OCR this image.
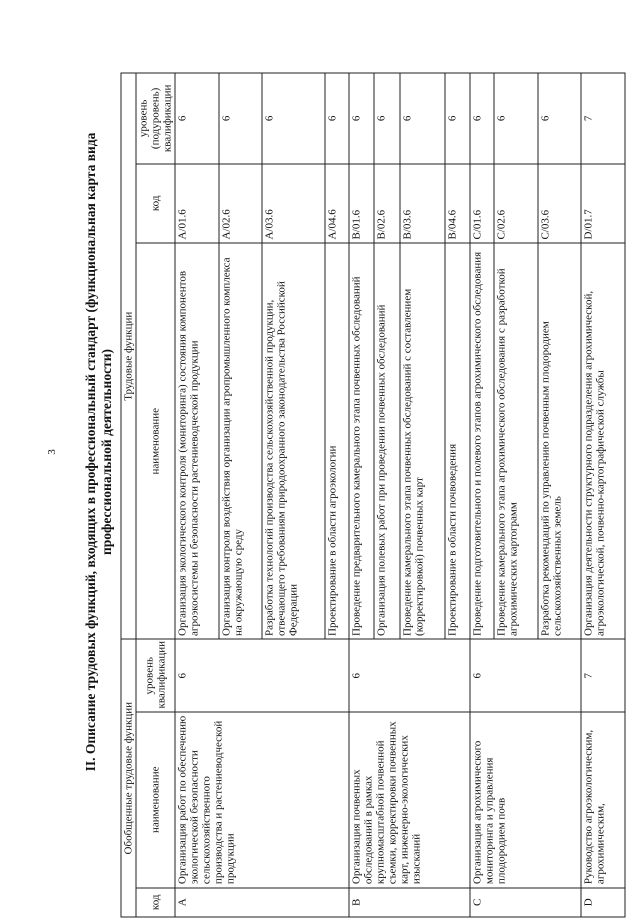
3 II. Описание трудовых функций, входящих в профессиональный стандарт (функциональная карта вида профессиональной деятельности)
Обобщенные трудовые функции			Трудовые функции		
код	наименование	уровень квалификации	наименование	код	уровень (подуровень) квалификации
A	Организация работ по обеспечению экологической безопасности сельскохозяйственного производства и растениеводческой продукции	6	Организация экологического контроля (мониторинга) состояния компонентов агроэкосистемы и безопасности растениеводческой продукции	A/01.6	6
			Организация контроля воздействия организации агропромышленного комплекса на окружающую среду	A/02.6	6
			Разработка технологий производства сельскохозяйственной продукции, отвечающего требованиям природоохранного законодательства Российской Федерации	A/03.6	6
			Проектирование в области агроэкологии	A/04.6	6
B	Организация почвенных обследований в рамках крупномасштабной почвенной съемки, корректировки почвенных карт, инженерно-экологических изысканий	6	Проведение предварительного камерального этапа почвенных обследований	B/01.6	6
			Организация полевых работ при проведении почвенных обследований	B/02.6	6
			Проведение камерального этапа почвенных обследований с составлением (корректировкой) почвенных карт	B/03.6	6
			Проектирование в области почвоведения	B/04.6	6
C	Организация агрохимического мониторинга и управления плодородием почв	6	Проведение подготовительного и полевого этапов агрохимического обследования	C/01.6	6
			Проведение камерального этапа агрохимического обследования с разработкой агрохимических картограмм	C/02.6	6
			Разработка рекомендаций по управлению почвенным плодородием сельскохозяйственных земель	C/03.6	6
D	Руководство агроэкологическим, агрохимическим,	7	Организация деятельности структурного подразделения агрохимической, агроэкологической, почвенно-картографической службы	D/01.7	7
